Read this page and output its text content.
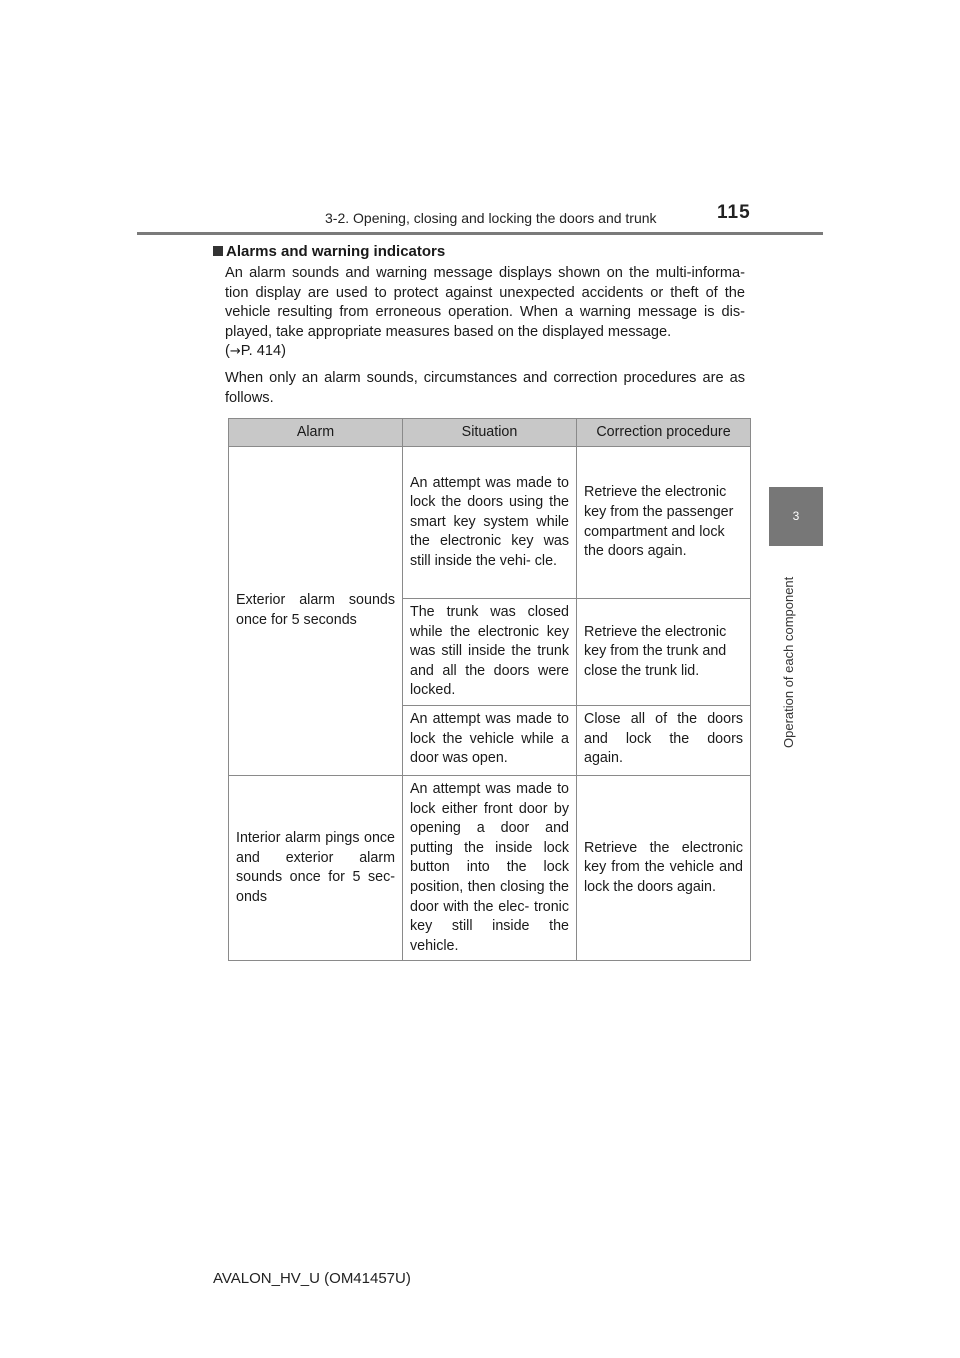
3-2. Opening, closing and locking the doors and trunk	115
3
Operation of each component
Alarms and warning indicators
An alarm sounds and warning message displays shown on the multi-informa- tion display are used to protect against unexpected accidents or theft of the vehicle resulting from erroneous operation. When a warning message is dis- played, take appropriate measures based on the displayed message.
(→P. 414)
When only an alarm sounds, circumstances and correction procedures are as follows.
Alarm	Situation	Correction procedure
Exterior alarm sounds once for 5 seconds	An attempt was made to lock the doors using the smart key system while the electronic key was still inside the vehi- cle.	Retrieve the electronic key from the passenger compartment and lock the doors again.
	The trunk was closed while the electronic key was still inside the trunk and all the doors were locked.	Retrieve the electronic key from the trunk and close the trunk lid.
	An attempt was made to lock the vehicle while a door was open.	Close all of the doors and lock the doors again.
Interior alarm pings once and exterior alarm sounds once for 5 sec- onds	An attempt was made to lock either front door by opening a door and putting the inside lock button into the lock position, then closing the door with the elec- tronic key still inside the vehicle.	Retrieve the electronic key from the vehicle and lock the doors again.
AVALON_HV_U (OM41457U)
